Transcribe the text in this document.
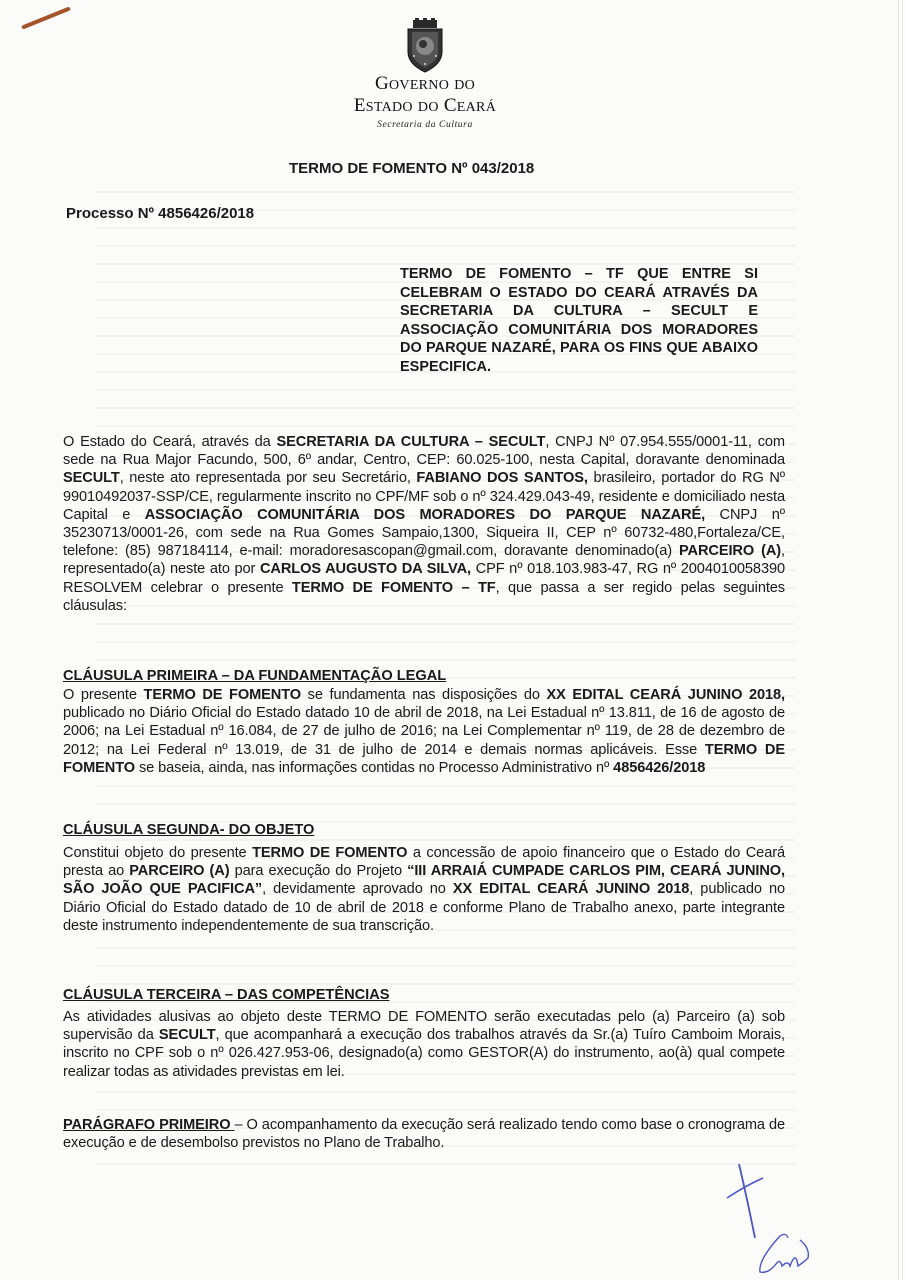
GOVERNO DO
ESTADO DO CEARÁ
Secretaria da Cultura
TERMO DE FOMENTO Nº 043/2018
Processo Nº 4856426/2018
TERMO DE FOMENTO – TF QUE ENTRE SI CELEBRAM O ESTADO DO CEARÁ ATRAVÉS DA SECRETARIA DA CULTURA – SECULT E ASSOCIAÇÃO COMUNITÁRIA DOS MORADORES DO PARQUE NAZARÉ, PARA OS FINS QUE ABAIXO ESPECIFICA.
O Estado do Ceará, através da SECRETARIA DA CULTURA – SECULT, CNPJ Nº 07.954.555/0001-11, com sede na Rua Major Facundo, 500, 6º andar, Centro, CEP: 60.025-100, nesta Capital, doravante denominada SECULT, neste ato representada por seu Secretário, FABIANO DOS SANTOS, brasileiro, portador do RG Nº 99010492037-SSP/CE, regularmente inscrito no CPF/MF sob o nº 324.429.043-49, residente e domiciliado nesta Capital e ASSOCIAÇÃO COMUNITÁRIA DOS MORADORES DO PARQUE NAZARÉ, CNPJ nº 35230713/0001-26, com sede na Rua Gomes Sampaio,1300, Siqueira II, CEP nº 60732-480,Fortaleza/CE, telefone: (85) 987184114, e-mail: moradoresascopan@gmail.com, doravante denominado(a) PARCEIRO (A), representado(a) neste ato por CARLOS AUGUSTO DA SILVA, CPF nº 018.103.983-47, RG nº 2004010058390 RESOLVEM celebrar o presente TERMO DE FOMENTO – TF, que passa a ser regido pelas seguintes cláusulas:
CLÁUSULA PRIMEIRA – DA FUNDAMENTAÇÃO LEGAL
O presente TERMO DE FOMENTO se fundamenta nas disposições do XX EDITAL CEARÁ JUNINO 2018, publicado no Diário Oficial do Estado datado 10 de abril de 2018, na Lei Estadual nº 13.811, de 16 de agosto de 2006; na Lei Estadual nº 16.084, de 27 de julho de 2016; na Lei Complementar nº 119, de 28 de dezembro de 2012; na Lei Federal nº 13.019, de 31 de julho de 2014 e demais normas aplicáveis. Esse TERMO DE FOMENTO se baseia, ainda, nas informações contidas no Processo Administrativo nº 4856426/2018
CLÁUSULA SEGUNDA- DO OBJETO
Constitui objeto do presente TERMO DE FOMENTO a concessão de apoio financeiro que o Estado do Ceará presta ao PARCEIRO (A) para execução do Projeto “III ARRAIÁ CUMPADE CARLOS PIM, CEARÁ JUNINO, SÃO JOÃO QUE PACIFICA”, devidamente aprovado no XX EDITAL CEARÁ JUNINO 2018, publicado no Diário Oficial do Estado datado de 10 de abril de 2018 e conforme Plano de Trabalho anexo, parte integrante deste instrumento independentemente de sua transcrição.
CLÁUSULA TERCEIRA – DAS COMPETÊNCIAS
As atividades alusivas ao objeto deste TERMO DE FOMENTO serão executadas pelo (a) Parceiro (a) sob supervisão da SECULT, que acompanhará a execução dos trabalhos através da Sr.(a) Tuíro Camboim Morais, inscrito no CPF sob o nº 026.427.953-06, designado(a) como GESTOR(A) do instrumento, ao(à) qual compete realizar todas as atividades previstas em lei.
PARÁGRAFO PRIMEIRO – O acompanhamento da execução será realizado tendo como base o cronograma de execução e de desembolso previstos no Plano de Trabalho.
